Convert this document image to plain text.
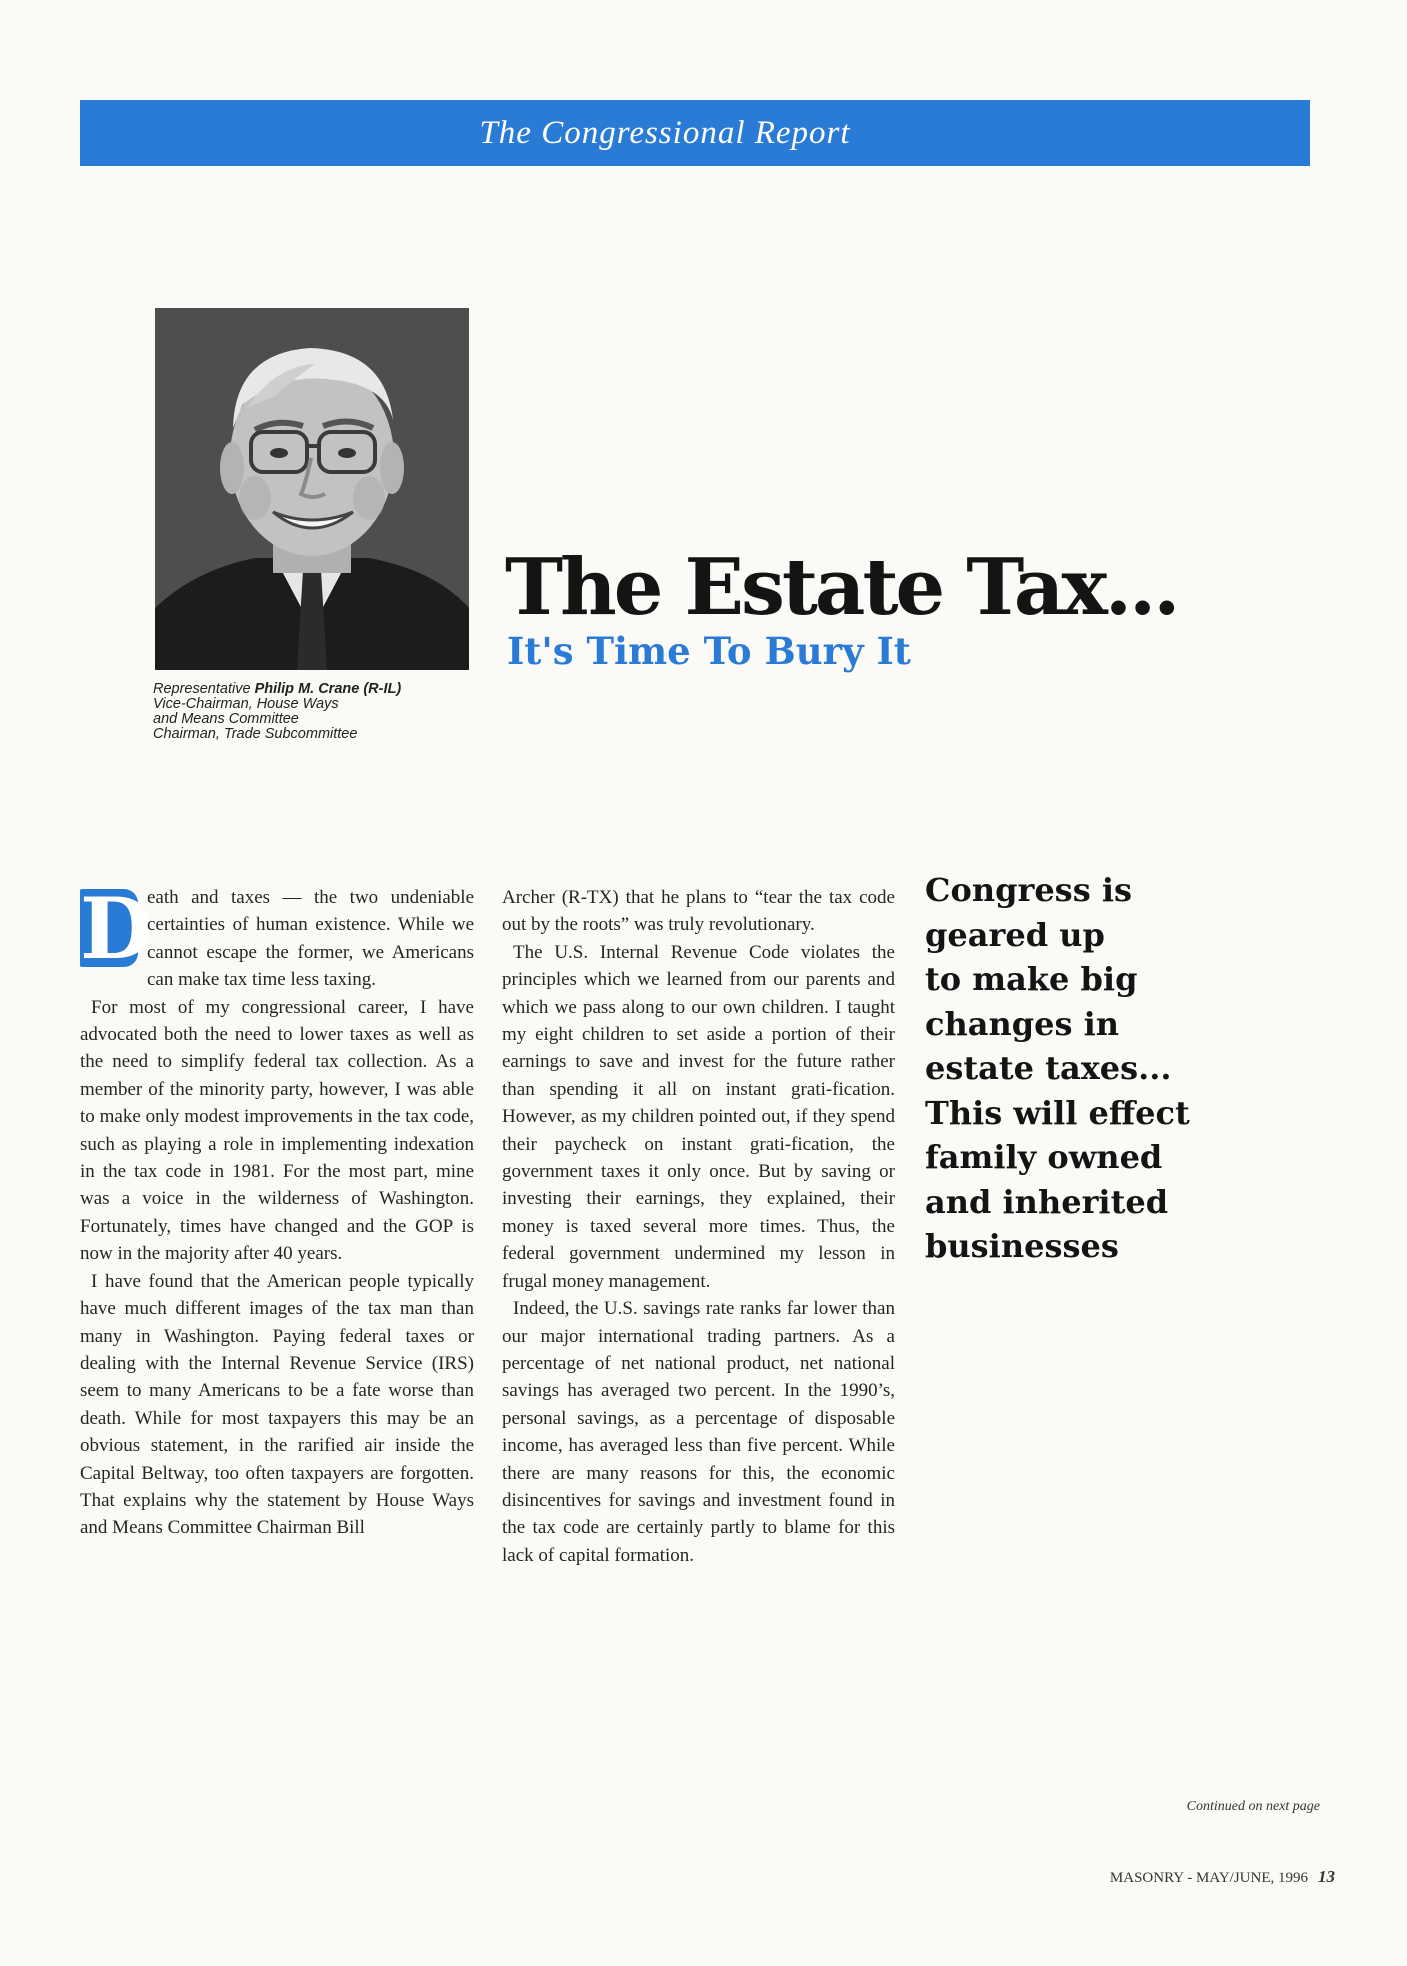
The Congressional Report
Representative Philip M. Crane (R-IL)
Vice-Chairman, House Ways
and Means Committee
Chairman, Trade Subcommittee
The Estate Tax...
It's Time To Bury It

D
eath and taxes — the two undeniable certainties of human existence. While we cannot escape the former, we Americans can make tax time less taxing.

For most of my congressional career, I have advocated both the need to lower taxes as well as the need to simplify federal tax collection. As a member of the minority party, however, I was able to make only modest improvements in the tax code, such as playing a role in implementing indexation in the tax code in 1981. For the most part, mine was a voice in the wilderness of Washington. Fortunately, times have changed and the GOP is now in the majority after 40 years.

I have found that the American people typically have much different images of the tax man than many in Washington. Paying federal taxes or dealing with the Internal Revenue Service (IRS) seem to many Americans to be a fate worse than death. While for most taxpayers this may be an obvious statement, in the rarified air inside the Capital Beltway, too often taxpayers are forgotten. That explains why the statement by House Ways and Means Committee Chairman Bill

Archer (R-TX) that he plans to “tear the tax code out by the roots” was truly revolutionary.

The U.S. Internal Revenue Code violates the principles which we learned from our parents and which we pass along to our own children. I taught my eight children to set aside a portion of their earnings to save and invest for the future rather than spending it all on instant grati-fication. However, as my children pointed out, if they spend their paycheck on instant grati-fication, the government taxes it only once. But by saving or investing their earnings, they explained, their money is taxed several more times. Thus, the federal government undermined my lesson in frugal money management.

Indeed, the U.S. savings rate ranks far lower than our major international trading partners. As a percentage of net national product, net national savings has averaged two percent. In the 1990’s, personal savings, as a percentage of disposable income, has averaged less than five percent. While there are many reasons for this, the economic disincentives for savings and investment found in the tax code are certainly partly to blame for this lack of capital formation.

Congress is
geared up
to make big
changes in
estate taxes...
This will effect
family owned
and inherited
businesses
Continued on next page
MASONRY - MAY/JUNE, 1996 13
